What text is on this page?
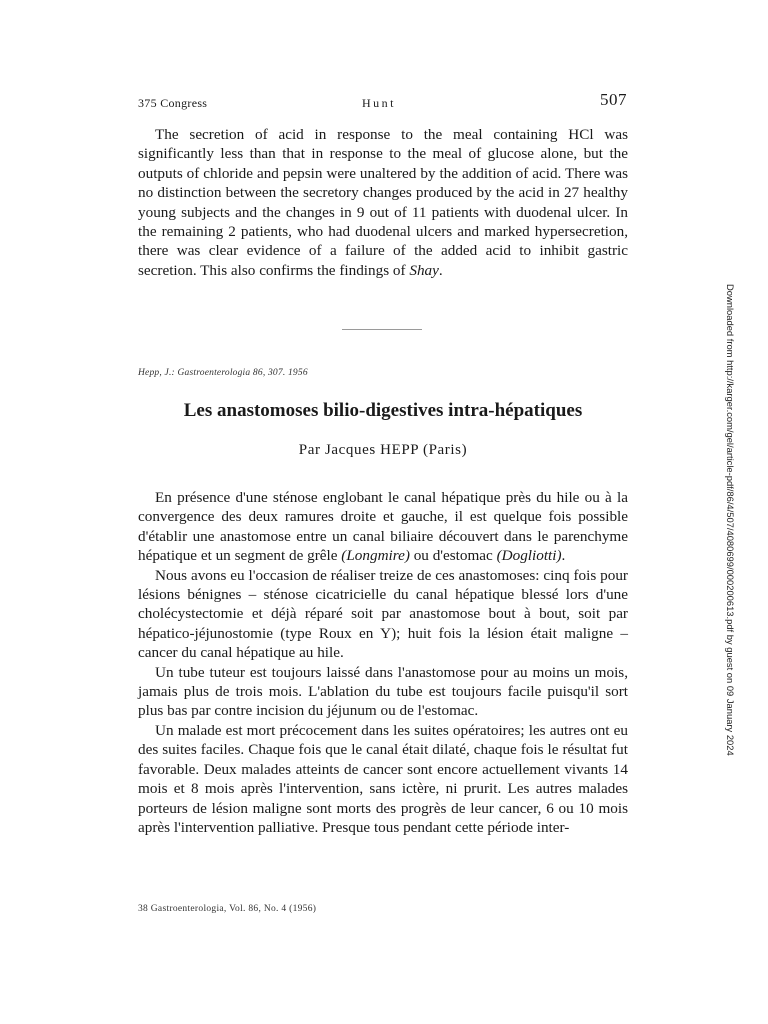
375 Congress	Hunt	507

The secretion of acid in response to the meal containing HCl was significantly less than that in response to the meal of glucose alone, but the outputs of chloride and pepsin were unaltered by the addition of acid. There was no distinction between the secretory changes produced by the acid in 27 healthy young subjects and the changes in 9 out of 11 patients with duodenal ulcer. In the remaining 2 patients, who had duodenal ulcers and marked hypersecretion, there was clear evidence of a failure of the added acid to inhibit gastric secretion. This also confirms the findings of Shay.

Hepp, J.: Gastroenterologia 86, 307. 1956
Les anastomoses bilio-digestives intra-hépatiques
Par Jacques HEPP (Paris)

En présence d'une sténose englobant le canal hépatique près du hile ou à la convergence des deux ramures droite et gauche, il est quelque fois possible d'établir une anastomose entre un canal biliaire découvert dans le parenchyme hépatique et un segment de grêle (Longmire) ou d'estomac (Dogliotti).

Nous avons eu l'occasion de réaliser treize de ces anastomoses: cinq fois pour lésions bénignes – sténose cicatricielle du canal hépatique blessé lors d'une cholécystectomie et déjà réparé soit par anastomose bout à bout, soit par hépatico-jéjunostomie (type Roux en Y); huit fois la lésion était maligne – cancer du canal hépatique au hile.

Un tube tuteur est toujours laissé dans l'anastomose pour au moins un mois, jamais plus de trois mois. L'ablation du tube est toujours facile puisqu'il sort plus bas par contre incision du jéjunum ou de l'estomac.

Un malade est mort précocement dans les suites opératoires; les autres ont eu des suites faciles. Chaque fois que le canal était dilaté, chaque fois le résultat fut favorable. Deux malades atteints de cancer sont encore actuellement vivants 14 mois et 8 mois après l'intervention, sans ictère, ni prurit. Les autres malades porteurs de lésion maligne sont morts des progrès de leur cancer, 6 ou 10 mois après l'intervention palliative. Presque tous pendant cette période inter-

38 Gastroenterologia, Vol. 86, No. 4 (1956)
Downloaded from http://karger.com/gel/article-pdf/86/4/507/4080699/000200613.pdf by guest on 09 January 2024
